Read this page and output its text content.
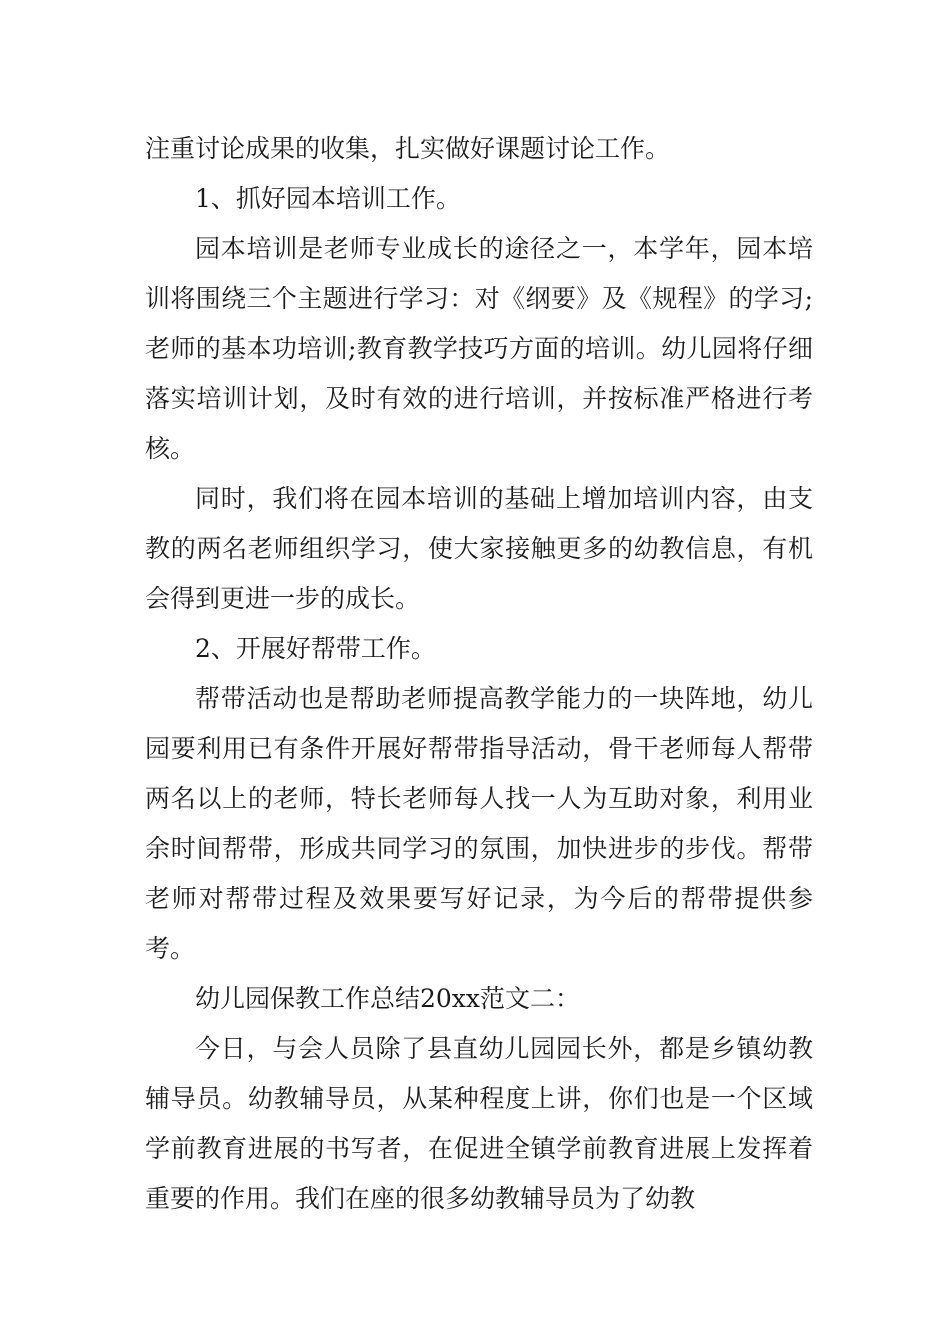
注重讨论成果的收集，扎实做好课题讨论工作。

1、抓好园本培训工作。

园本培训是老师专业成长的途径之一，本学年，园本培训将围绕三个主题进行学习：对《纲要》及《规程》的学习;老师的基本功培训;教育教学技巧方面的培训。幼儿园将仔细落实培训计划，及时有效的进行培训，并按标准严格进行考核。

同时，我们将在园本培训的基础上增加培训内容，由支教的两名老师组织学习，使大家接触更多的幼教信息，有机会得到更进一步的成长。

2、开展好帮带工作。

帮带活动也是帮助老师提高教学能力的一块阵地，幼儿园要利用已有条件开展好帮带指导活动，骨干老师每人帮带两名以上的老师，特长老师每人找一人为互助对象，利用业余时间帮带，形成共同学习的氛围，加快进步的步伐。帮带老师对帮带过程及效果要写好记录，为今后的帮带提供参考。

幼儿园保教工作总结20xx范文二：

今日，与会人员除了县直幼儿园园长外，都是乡镇幼教辅导员。幼教辅导员，从某种程度上讲，你们也是一个区域学前教育进展的书写者，在促进全镇学前教育进展上发挥着重要的作用。我们在座的很多幼教辅导员为了幼教
